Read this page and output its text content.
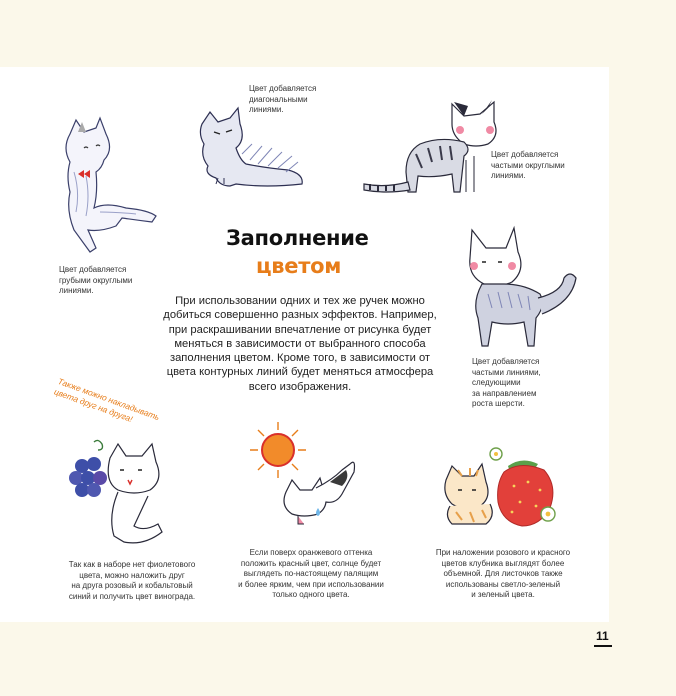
Цвет добавляется
диагональными
линиями.

Цвет добавляется
частыми округлыми
линиями.

Цвет добавляется
грубыми округлыми
линиями.

Цвет добавляется
частыми линиями,
следующими
за направлением
роста шерсти.

Заполнение
цветом
При использовании одних и тех же ручек можно добиться совершенно разных эффектов. Например, при раскрашивании впечатление от рисунка будет меняться в зависимости от выбранного способа заполнения цветом. Кроме того, в зависимости от цвета контурных линий будет меняться атмосфера всего изображения.
Также можно накладывать цвета друг на друга!

Так как в наборе нет фиолетового
цвета, можно наложить друг
на друга розовый и кобальтовый
синий и получить цвет винограда.

Если поверх оранжевого оттенка
положить красный цвет, солнце будет
выглядеть по-настоящему палящим
и более ярким, чем при использовании
только одного цвета.

При наложении розового и красного
цветов клубника выглядят более
объемной. Для листочков также
использованы светло-зеленый
и зеленый цвета.

11
